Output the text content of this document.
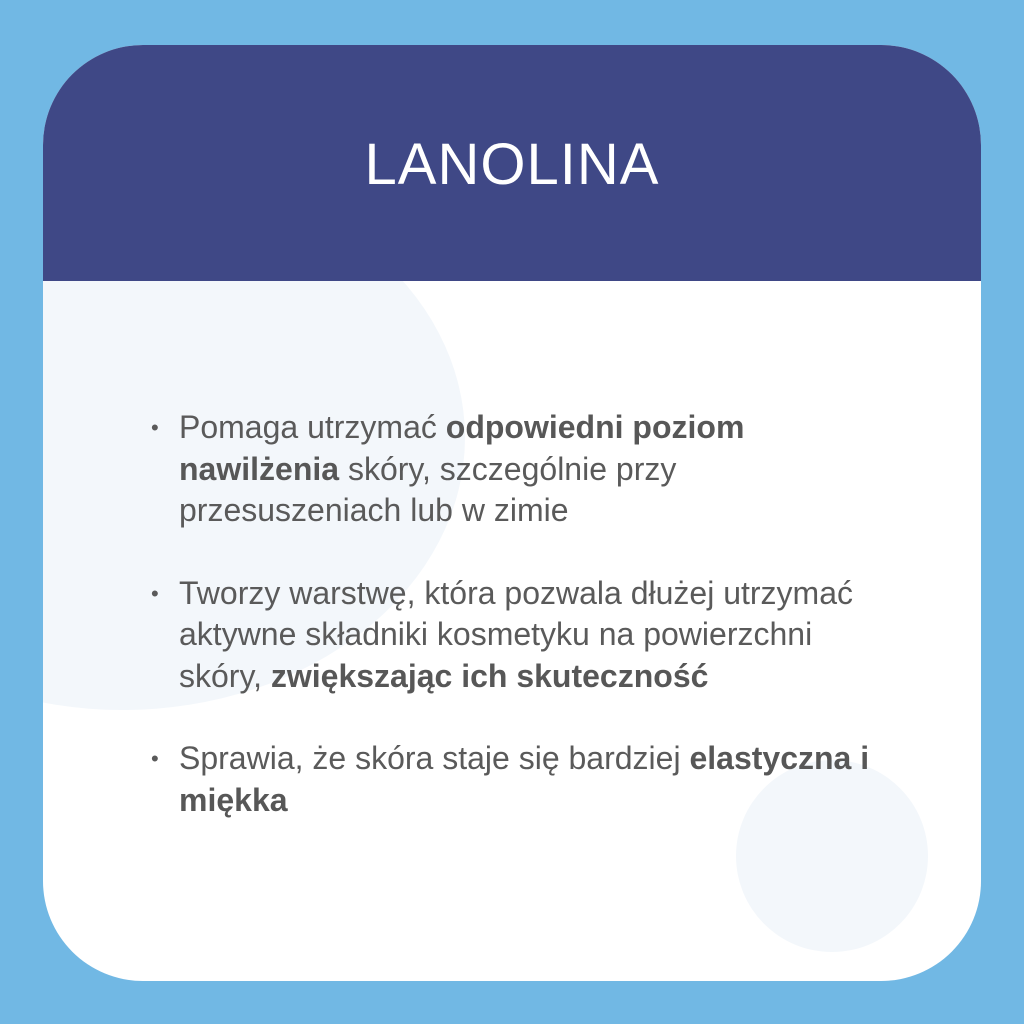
LANOLINA
• Pomaga utrzymać odpowiedni poziom nawilżenia skóry, szczególnie przy przesuszeniach lub w zimie
• Tworzy warstwę, która pozwala dłużej utrzymać aktywne składniki kosmetyku na powierzchni skóry, zwiększając ich skuteczność
• Sprawia, że skóra staje się bardziej elastyczna i miękka
